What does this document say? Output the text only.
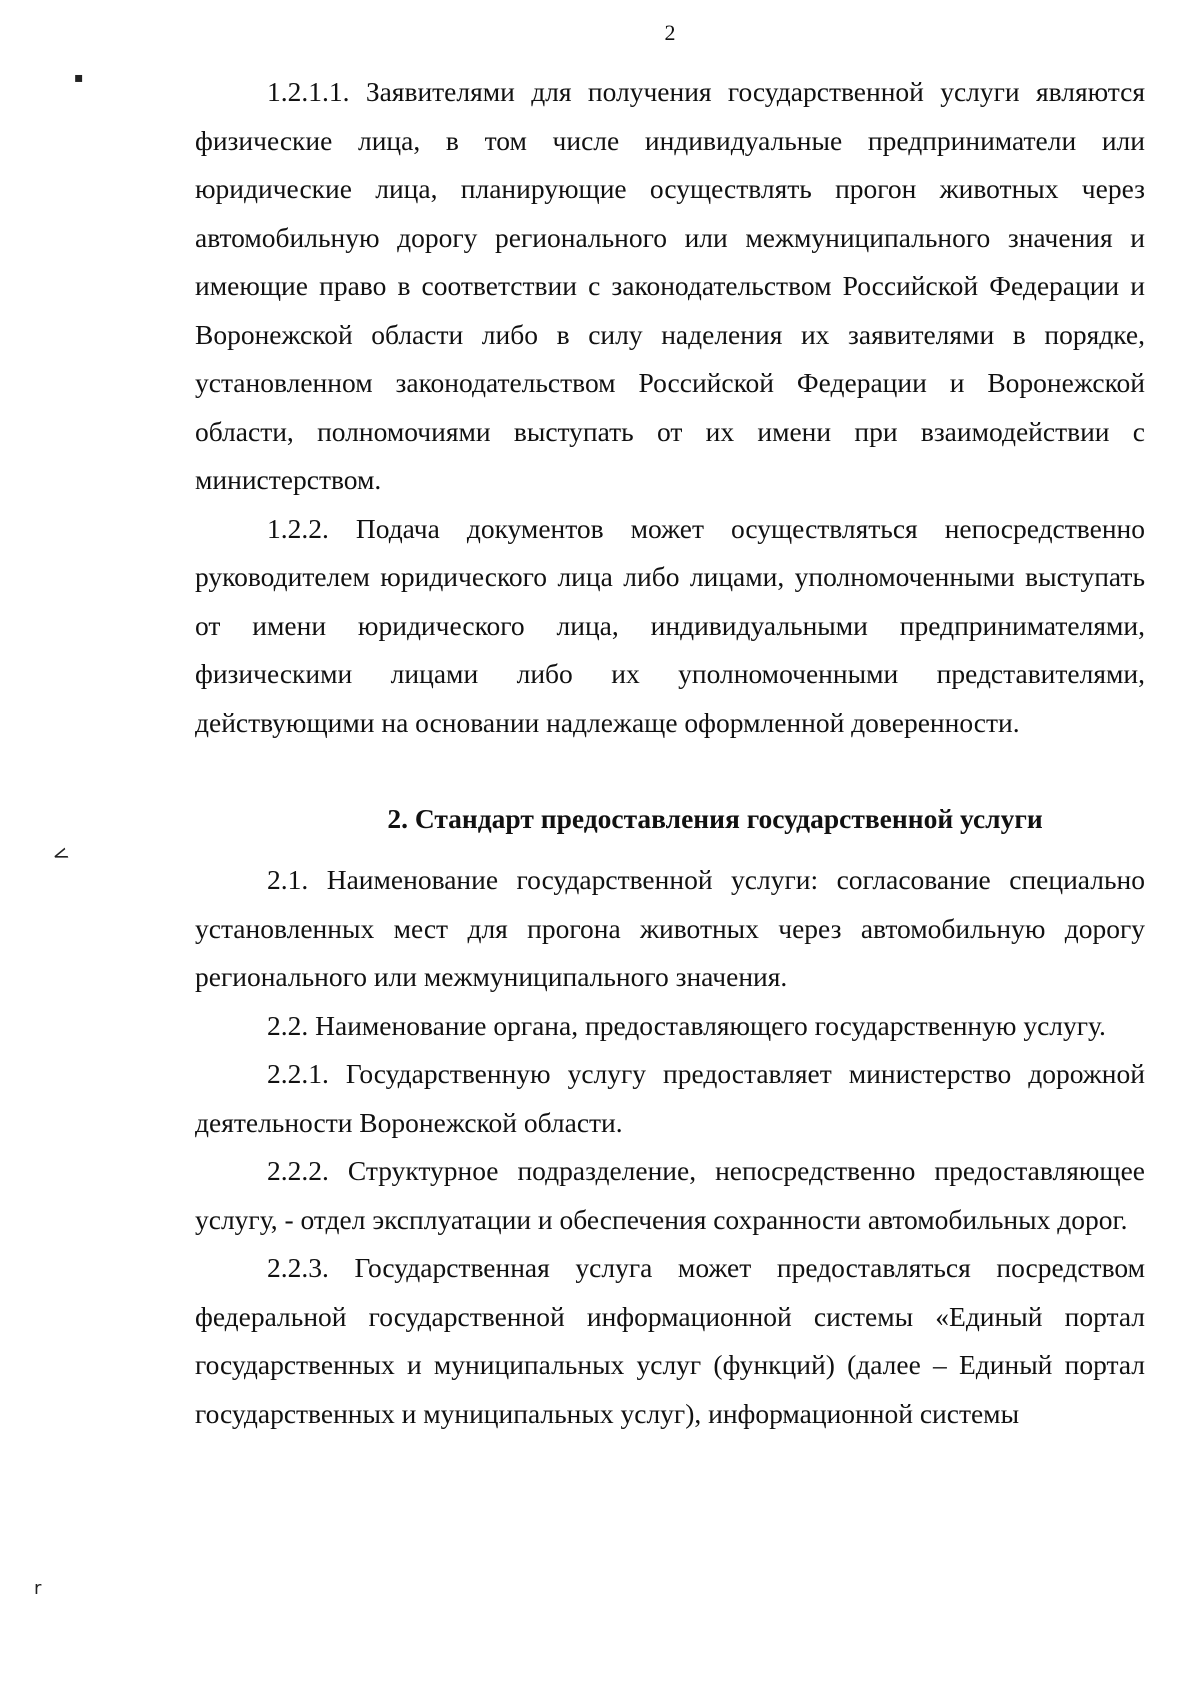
2
▪
<
r

1.2.1.1. Заявителями для получения государственной услуги являются физические лица, в том числе индивидуальные предприниматели или юридические лица, планирующие осуществлять прогон животных через автомобильную дорогу регионального или межмуниципального значения и имеющие право в соответствии с законодательством Российской Федерации и Воронежской области либо в силу наделения их заявителями в порядке, установленном законодательством Российской Федерации и Воронежской области, полномочиями выступать от их имени при взаимодействии с министерством.

1.2.2. Подача документов может осуществляться непосредственно руководителем юридического лица либо лицами, уполномоченными выступать от имени юридического лица, индивидуальными предпринимателями, физическими лицами либо их уполномоченными представителями, действующими на основании надлежаще оформленной доверенности.

2. Стандарт предоставления государственной услуги

2.1. Наименование государственной услуги: согласование специально установленных мест для прогона животных через автомобильную дорогу регионального или межмуниципального значения.

2.2. Наименование органа, предоставляющего государственную услугу.

2.2.1. Государственную услугу предоставляет министерство дорожной деятельности Воронежской области.

2.2.2. Структурное подразделение, непосредственно предоставляющее услугу, - отдел эксплуатации и обеспечения сохранности автомобильных дорог.

2.2.3. Государственная услуга может предоставляться посредством федеральной государственной информационной системы «Единый портал государственных и муниципальных услуг (функций) (далее – Единый портал государственных и муниципальных услуг), информационной системы
